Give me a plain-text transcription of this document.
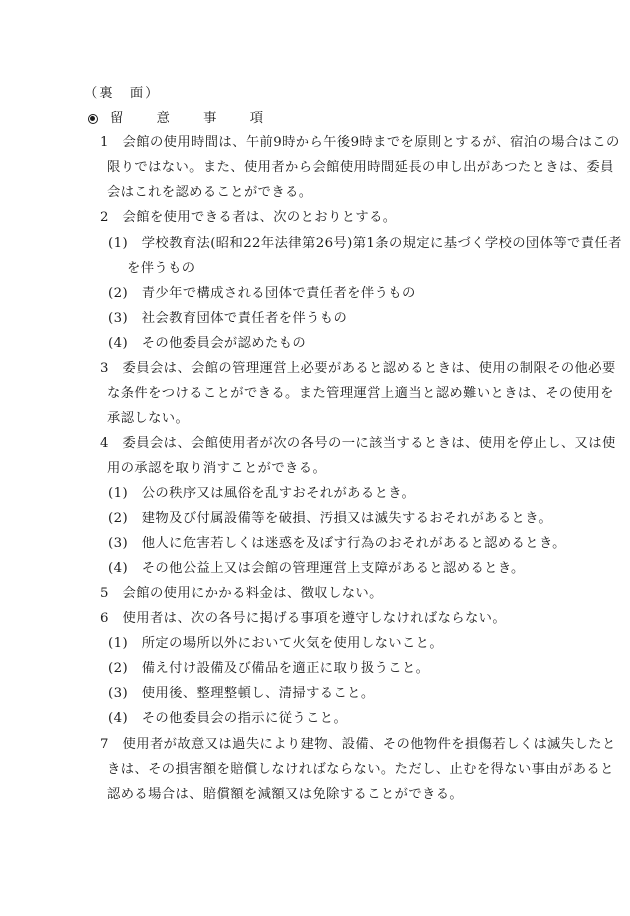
（裏　面）
留　意　事　項
1　会館の使用時間は、午前9時から午後9時までを原則とするが、宿泊の場合はこの
限りではない。また、使用者から会館使用時間延長の申し出があつたときは、委員
会はこれを認めることができる。
2　会館を使用できる者は、次のとおりとする。
(1)　学校教育法(昭和22年法律第26号)第1条の規定に基づく学校の団体等で責任者
を伴うもの
(2)　青少年で構成される団体で責任者を伴うもの
(3)　社会教育団体で責任者を伴うもの
(4)　その他委員会が認めたもの
3　委員会は、会館の管理運営上必要があると認めるときは、使用の制限その他必要
な条件をつけることができる。また管理運営上適当と認め難いときは、その使用を
承認しない。
4　委員会は、会館使用者が次の各号の一に該当するときは、使用を停止し、又は使
用の承認を取り消すことができる。
(1)　公の秩序又は風俗を乱すおそれがあるとき。
(2)　建物及び付属設備等を破損、汚損又は滅失するおそれがあるとき。
(3)　他人に危害若しくは迷惑を及ぼす行為のおそれがあると認めるとき。
(4)　その他公益上又は会館の管理運営上支障があると認めるとき。
5　会館の使用にかかる料金は、徴収しない。
6　使用者は、次の各号に掲げる事項を遵守しなければならない。
(1)　所定の場所以外において火気を使用しないこと。
(2)　備え付け設備及び備品を適正に取り扱うこと。
(3)　使用後、整理整頓し、清掃すること。
(4)　その他委員会の指示に従うこと。
7　使用者が故意又は過失により建物、設備、その他物件を損傷若しくは滅失したと
きは、その損害額を賠償しなければならない。ただし、止むを得ない事由があると
認める場合は、賠償額を減額又は免除することができる。
